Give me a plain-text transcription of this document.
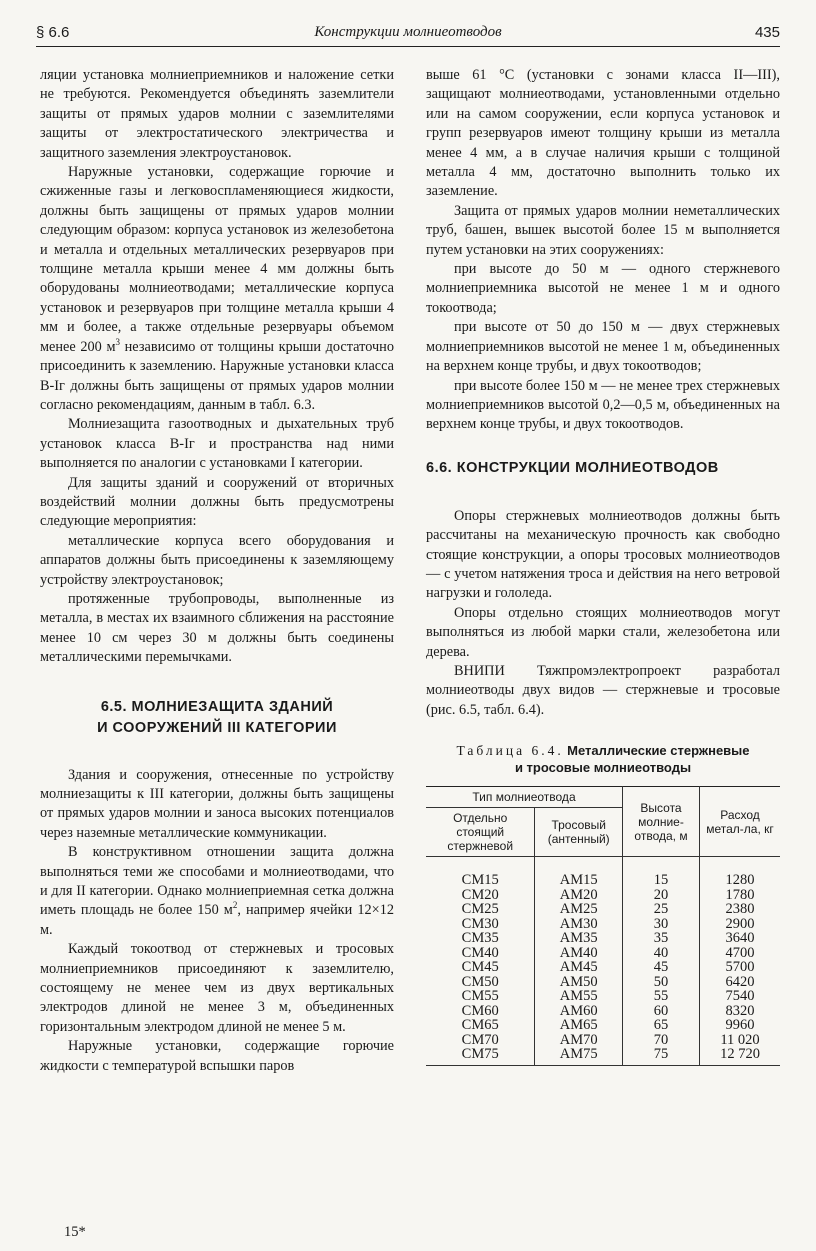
§ 6.6	Конструкции молниеотводов	435

ляции установка молниеприемников и наложение сетки не требуются. Рекомендуется объединять заземлители защиты от прямых ударов молнии с заземлителями защиты от электростатического электричества и защитного заземления электроустановок.

Наружные установки, содержащие горючие и сжиженные газы и легковоспламеняющиеся жидкости, должны быть защищены от прямых ударов молнии следующим образом: корпуса установок из железобетона и металла и отдельных металлических резервуаров при толщине металла крыши менее 4 мм должны быть оборудованы молниеотводами; металлические корпуса установок и резервуаров при толщине металла крыши 4 мм и более, а также отдельные резервуары объемом менее 200 $м^3$ независимо от толщины крыши достаточно присоединить к заземлению. Наружные установки класса В-Iг должны быть защищены от прямых ударов молнии согласно рекомендациям, данным в табл. 6.3.

Молниезащита газоотводных и дыхательных труб установок класса В-Iг и пространства над ними выполняется по аналогии с установками I категории.

Для защиты зданий и сооружений от вторичных воздействий молнии должны быть предусмотрены следующие мероприятия:

металлические корпуса всего оборудования и аппаратов должны быть присоединены к заземляющему устройству электроустановок;

протяженные трубопроводы, выполненные из металла, в местах их взаимного сближения на расстояние менее 10 см через 30 м должны быть соединены металлическими перемычками.

6.5. МОЛНИЕЗАЩИТА ЗДАНИЙ
И СООРУЖЕНИЙ III КАТЕГОРИИ

Здания и сооружения, отнесенные по устройству молниезащиты к III категории, должны быть защищены от прямых ударов молнии и заноса высоких потенциалов через наземные металлические коммуникации.

В конструктивном отношении защита должна выполняться теми же способами и молниеотводами, что и для II категории. Однако молниеприемная сетка должна иметь площадь не более 150 $м^2$, например ячейки 12×12 м.

Каждый токоотвод от стержневых и тросовых молниеприемников присоединяют к заземлителю, состоящему не менее чем из двух вертикальных электродов длиной не менее 3 м, объединенных горизонтальным электродом длиной не менее 5 м.

Наружные установки, содержащие горючие жидкости с температурой вспышки паров

выше 61 °С (установки с зонами класса II—III), защищают молниеотводами, установленными отдельно или на самом сооружении, если корпуса установок и групп резервуаров имеют толщину крыши из металла менее 4 мм, а в случае наличия крыши с толщиной металла 4 мм, достаточно выполнить только их заземление.

Защита от прямых ударов молнии неметаллических труб, башен, вышек высотой более 15 м выполняется путем установки на этих сооружениях:

при высоте до 50 м — одного стержневого молниеприемника высотой не менее 1 м и одного токоотвода;

при высоте от 50 до 150 м — двух стержневых молниеприемников высотой не менее 1 м, объединенных на верхнем конце трубы, и двух токоотводов;

при высоте более 150 м — не менее трех стержневых молниеприемников высотой 0,2—0,5 м, объединенных на верхнем конце трубы, и двух токоотводов.

6.6. КОНСТРУКЦИИ МОЛНИЕОТВОДОВ

Опоры стержневых молниеотводов должны быть рассчитаны на механическую прочность как свободно стоящие конструкции, а опоры тросовых молниеотводов — с учетом натяжения троса и действия на него ветровой нагрузки и гололеда.

Опоры отдельно стоящих молниеотводов могут выполняться из любой марки стали, железобетона или дерева.

ВНИПИ Тяжпромэлектропроект разработал молниеотводы двух видов — стержневые и тросовые (рис. 6.5, табл. 6.4).

Таблица 6.4. Металлические стержневые
и тросовые молниеотводы
Тип молниеотвода		Высота молние-отвода, м	Расход метал-ла, кг
Отдельно стоящий стержневой	Тросовый (антенный)		
СМ15	АМ15	15	1280
СМ20	АМ20	20	1780
СМ25	АМ25	25	2380
СМ30	АМ30	30	2900
СМ35	АМ35	35	3640
СМ40	АМ40	40	4700
СМ45	АМ45	45	5700
СМ50	АМ50	50	6420
СМ55	АМ55	55	7540
СМ60	АМ60	60	8320
СМ65	АМ65	65	9960
СМ70	АМ70	70	11 020
СМ75	АМ75	75	12 720
15*
